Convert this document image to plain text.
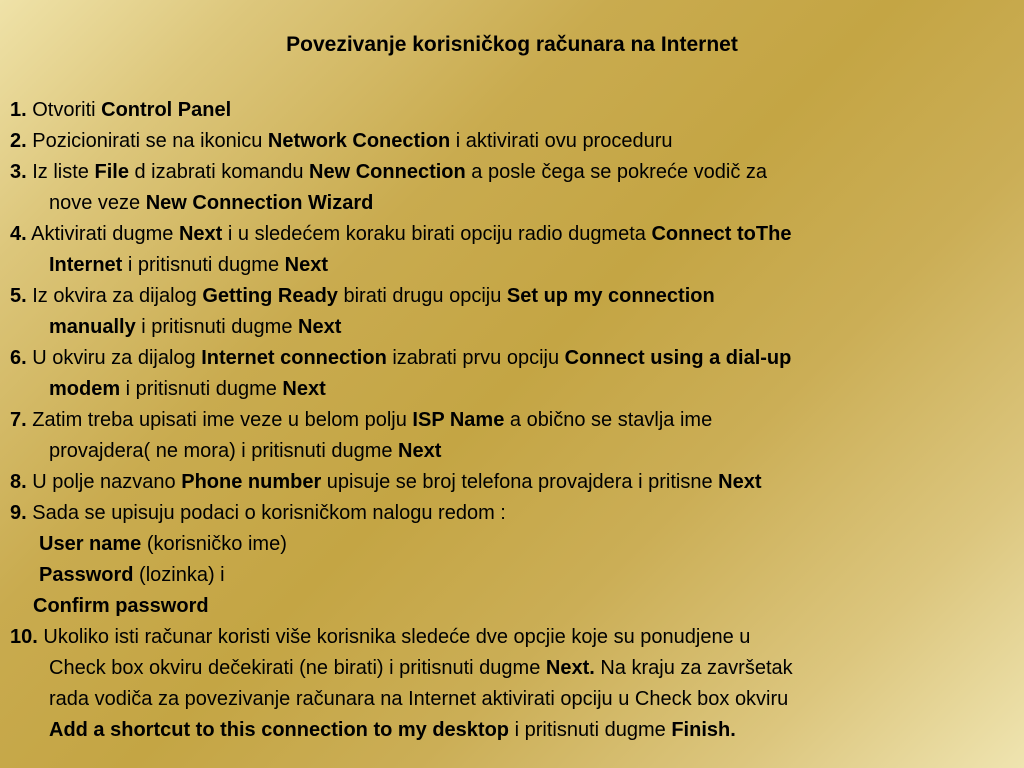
Povezivanje korisničkog računara na Internet
1. Otvoriti Control Panel
2. Pozicionirati se na ikonicu Network Conection i aktivirati ovu proceduru
3. Iz liste File d izabrati komandu New Connection a posle čega se pokreće vodič za
nove veze New Connection Wizard
4. Aktivirati dugme Next i u sledećem koraku birati opciju radio dugmeta Connect toThe
Internet i pritisnuti dugme Next
5. Iz okvira za dijalog Getting Ready birati drugu opciju Set up my connection
manually i pritisnuti dugme Next
6. U okviru za dijalog Internet connection izabrati prvu opciju Connect using a dial-up
modem i pritisnuti dugme Next
7. Zatim treba upisati ime veze u belom polju ISP Name a obično se stavlja ime
provajdera( ne mora) i pritisnuti dugme Next
8. U polje nazvano Phone number upisuje se broj telefona provajdera i pritisne Next
9. Sada se upisuju podaci o korisničkom nalogu redom :
User name (korisničko ime)
Password (lozinka) i
Confirm password
10. Ukoliko isti računar koristi više korisnika sledeće dve opcjie koje su ponudjene u
Check box okviru dečekirati (ne birati) i pritisnuti dugme Next. Na kraju za završetak
rada vodiča za povezivanje računara na Internet aktivirati opciju u Check box okviru
Add a shortcut to this connection to my desktop i pritisnuti dugme Finish.
